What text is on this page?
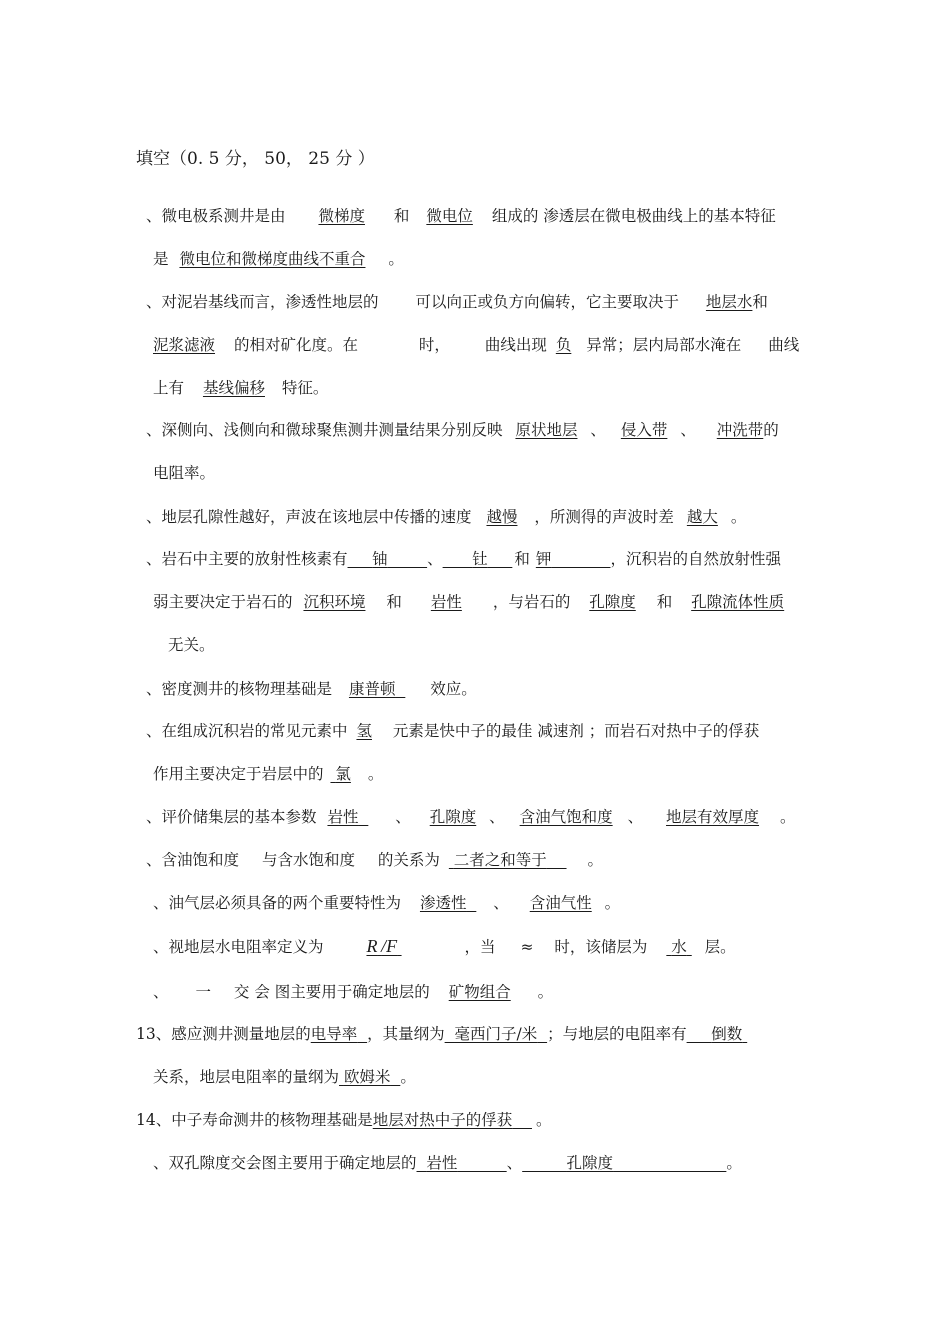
填空（0. 5 分， 50， 25 分 ）
、微电极系测井是由 微梯度 和 微电位 组成的 渗透层在微电极曲线上的基本特征
是 微电位和微梯度曲线不重合 。
、对泥岩基线而言，渗透性地层的 可以向正或负方向偏转，它主要取决于 地层水和
泥浆滤液 的相对矿化度。在	时， 曲线出现 负 异常；层内局部水淹在 曲线
上有 基线偏移 特征。
、深侧向、浅侧向和微球聚焦测井测量结果分别反映 原状地层 、 侵入带 、 冲洗带的
电阻率。
、地层孔隙性越好，声波在该地层中传播的速度 越慢 ，所测得的声波时差 越大 。
、岩石中主要的放射性核素有 铀	、 钍 和 钾	，沉积岩的自然放射性强
弱主要决定于岩石的 沉积环境 和 岩性 ，与岩石的 孔隙度 和 孔隙流体性质
无关。
、密度测井的核物理基础是 康普顿 效应。
、在组成沉积岩的常见元素中 氢 元素是快中子的最佳 减速剂 ；而岩石对热中子的俘获
作用主要决定于岩层中的 氯 。
、评价储集层的基本参数 岩性 、 孔隙度 、 含油气饱和度 、 地层有效厚度 。
、含油饱和度 与含水饱和度 的关系为 二者之和等于	。
、油气层必须具备的两个重要特性为 渗透性 、 含油气性 。
、视地层水电阻率定义为 R  /F	，当 ≈ 时，该储层为 水 层。
、 一 交 会 图主要用于确定地层的 矿物组合 。
13、感应测井测量地层的电导率 ，其量纲为 毫西门子/米 ；与地层的电阻率有 倒数
关系，地层电阻率的量纲为 欧姆米 。
14、中子寿命测井的核物理基础是地层对热中子的俘获 。
、双孔隙度交会图主要用于确定地层的 岩性	、	孔隙度	。
